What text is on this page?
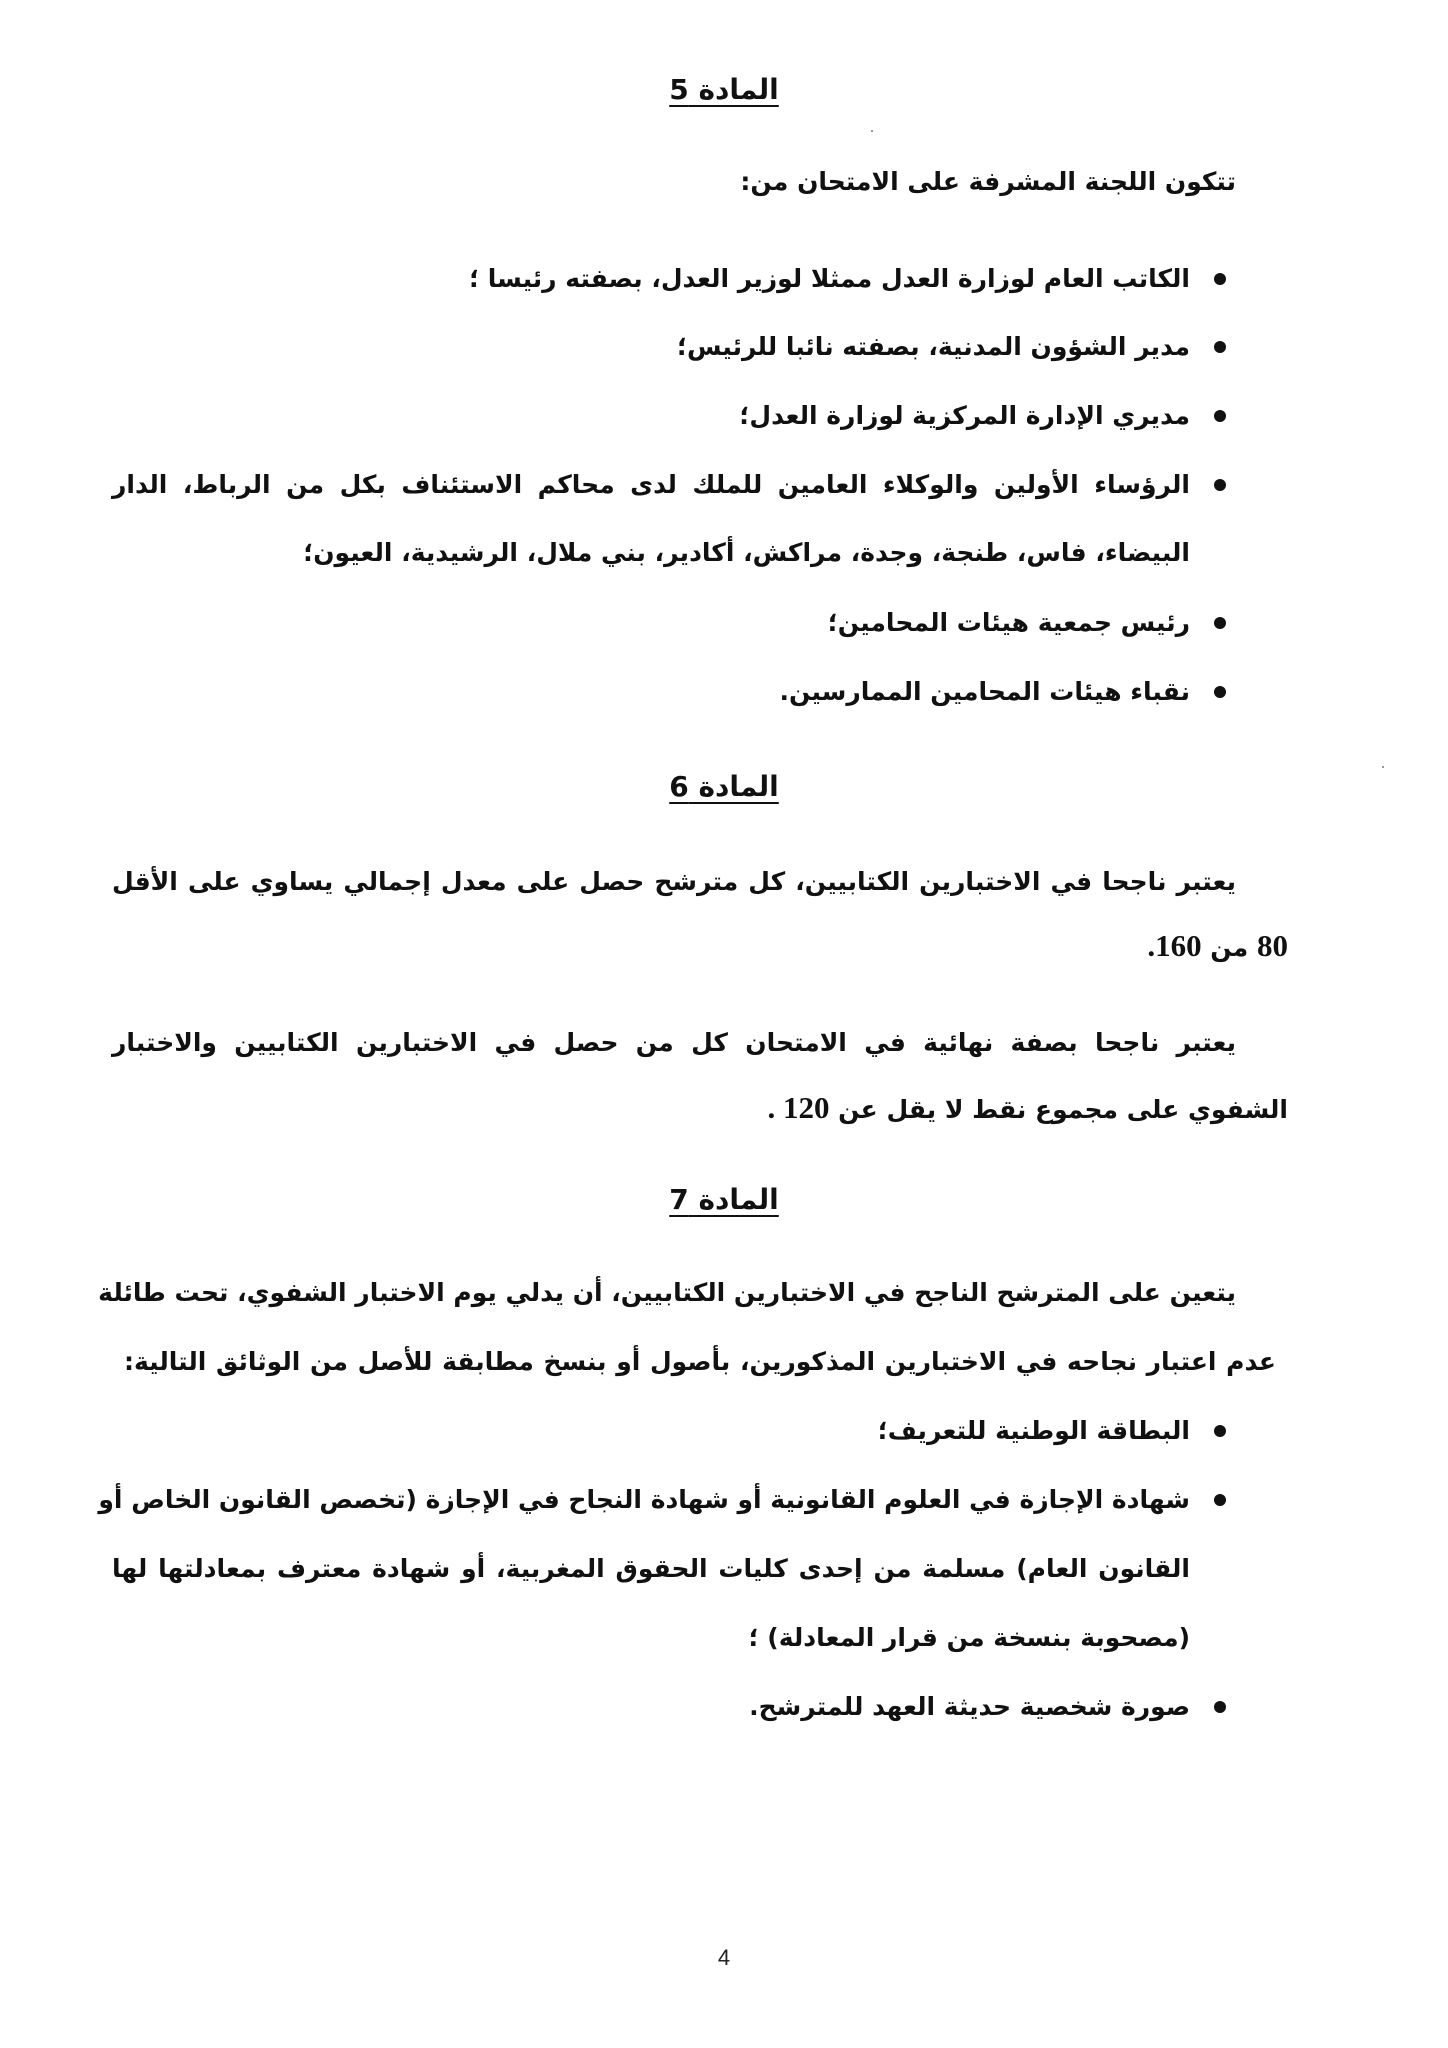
المادة 5
تتكون اللجنة المشرفة على الامتحان من:
الكاتب العام لوزارة العدل ممثلا لوزير العدل، بصفته رئيسا ؛
مدير الشؤون المدنية، بصفته نائبا للرئيس؛
مديري الإدارة المركزية لوزارة العدل؛
الرؤساء الأولين والوكلاء العامين للملك لدى محاكم الاستئناف بكل من الرباط، الدار
البيضاء، فاس، طنجة، وجدة، مراكش، أكادير، بني ملال، الرشيدية، العيون؛
رئيس جمعية هيئات المحامين؛
نقباء هيئات المحامين الممارسين.
المادة 6
يعتبر ناجحا في الاختبارين الكتابيين، كل مترشح حصل على معدل إجمالي يساوي على الأقل
80 من 160.
يعتبر ناجحا بصفة نهائية في الامتحان كل من حصل في الاختبارين الكتابيين والاختبار
الشفوي على مجموع نقط لا يقل عن 120 .
المادة 7
يتعين على المترشح الناجح في الاختبارين الكتابيين، أن يدلي يوم الاختبار الشفوي، تحت طائلة
عدم اعتبار نجاحه في الاختبارين المذكورين، بأصول أو بنسخ مطابقة للأصل من الوثائق التالية:
البطاقة الوطنية للتعريف؛
شهادة الإجازة في العلوم القانونية أو شهادة النجاح في الإجازة (تخصص القانون الخاص أو
القانون العام) مسلمة من إحدى كليات الحقوق المغربية، أو شهادة معترف بمعادلتها لها
(مصحوبة بنسخة من قرار المعادلة) ؛
صورة شخصية حديثة العهد للمترشح.
4
